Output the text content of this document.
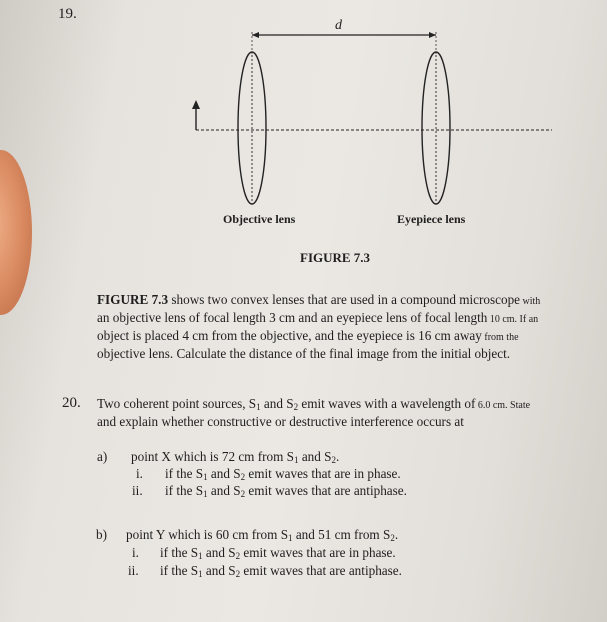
19.
d
Objective lens	Eyepiece lens
FIGURE 7.3
FIGURE 7.3 shows two convex lenses that are used in a compound microscope with
an objective lens of focal length 3 cm and an eyepiece lens of focal length 10 cm. If an
object is placed 4 cm from the objective, and the eyepiece is 16 cm away from the
objective lens. Calculate the distance of the final image from the initial object.
20. Two coherent point sources, $S_1$ and $S_2$ emit waves with a wavelength of 6.0 cm. State
and explain whether constructive or destructive interference occurs at
a) point X which is 72 cm from $S_1$ and $S_2$.
i. if the $S_1$ and $S_2$ emit waves that are in phase.
ii. if the $S_1$ and $S_2$ emit waves that are antiphase.
b) point Y which is 60 cm from $S_1$ and 51 cm from $S_2$.
i. if the $S_1$ and $S_2$ emit waves that are in phase.
ii. if the $S_1$ and $S_2$ emit waves that are antiphase.
